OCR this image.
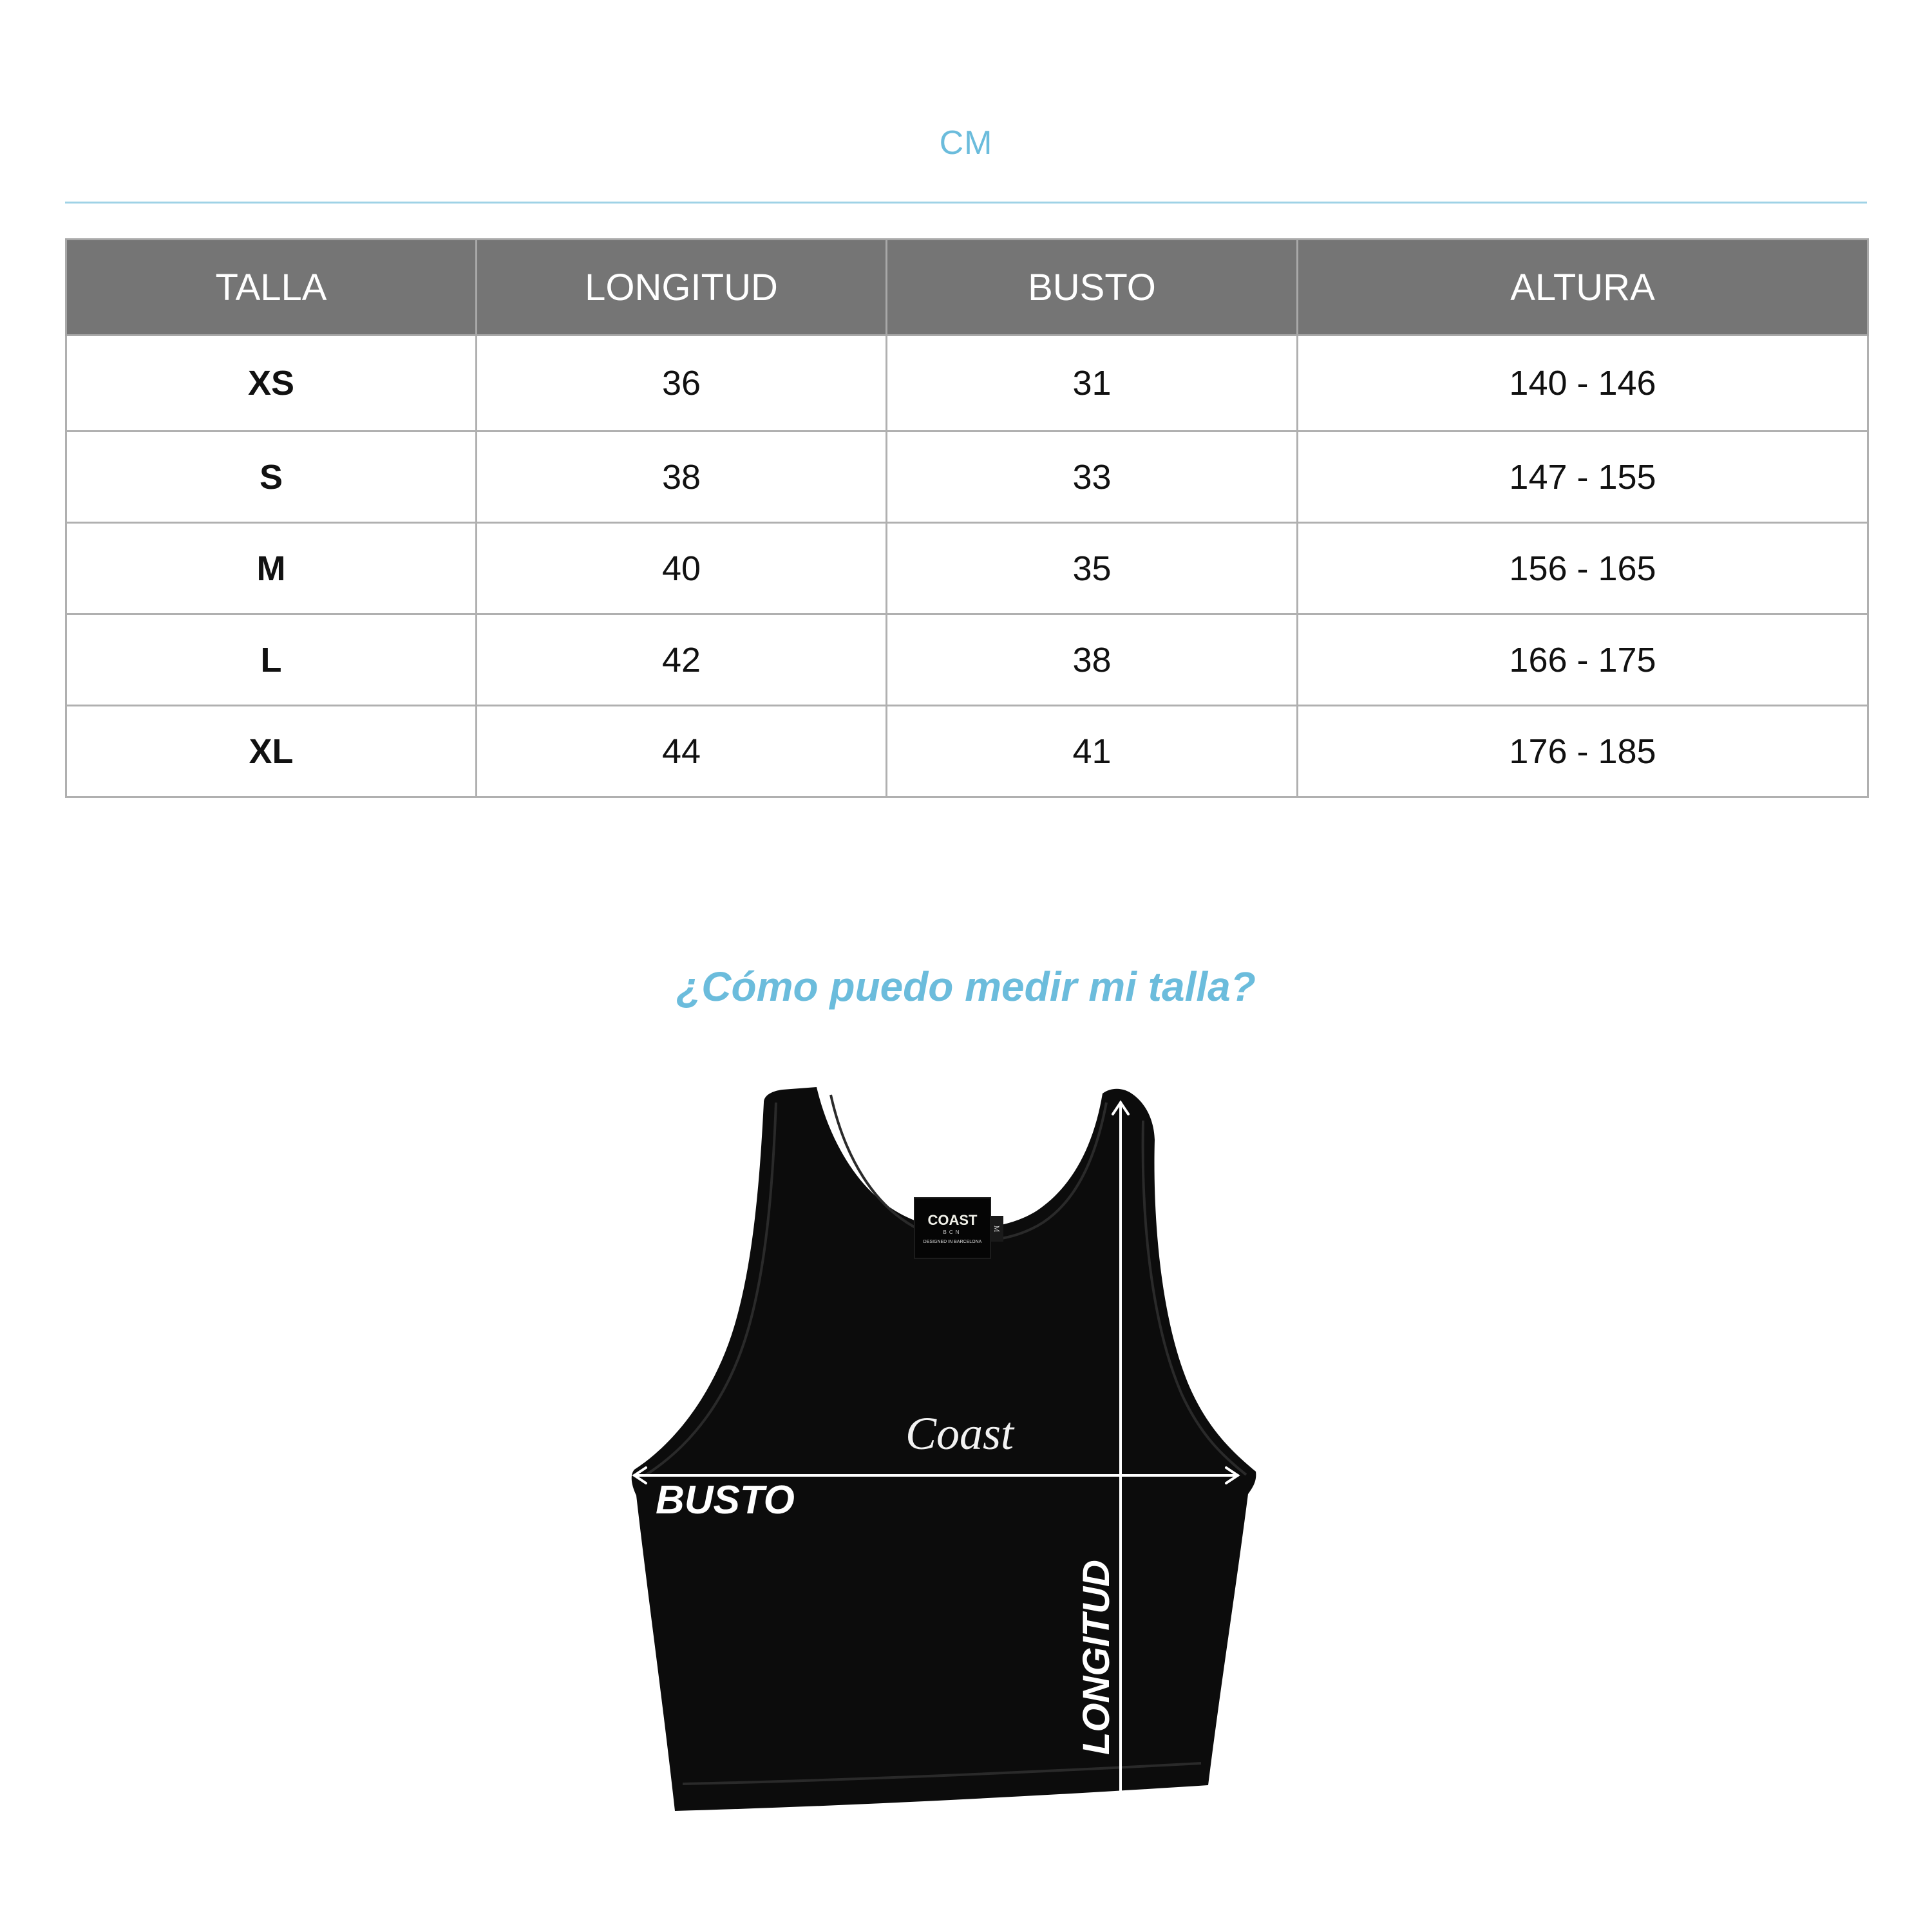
CM
TALLA	LONGITUD	BUSTO	ALTURA
XS	36	31	140 - 146
S	38	33	147 - 155
M	40	35	156 - 165
L	42	38	166 - 175
XL	44	41	176 - 185
¿Cómo puedo medir mi talla?
COAST
BCN
DESIGNED IN BARCELONA
M
Coast
BUSTO
LONGITUD
